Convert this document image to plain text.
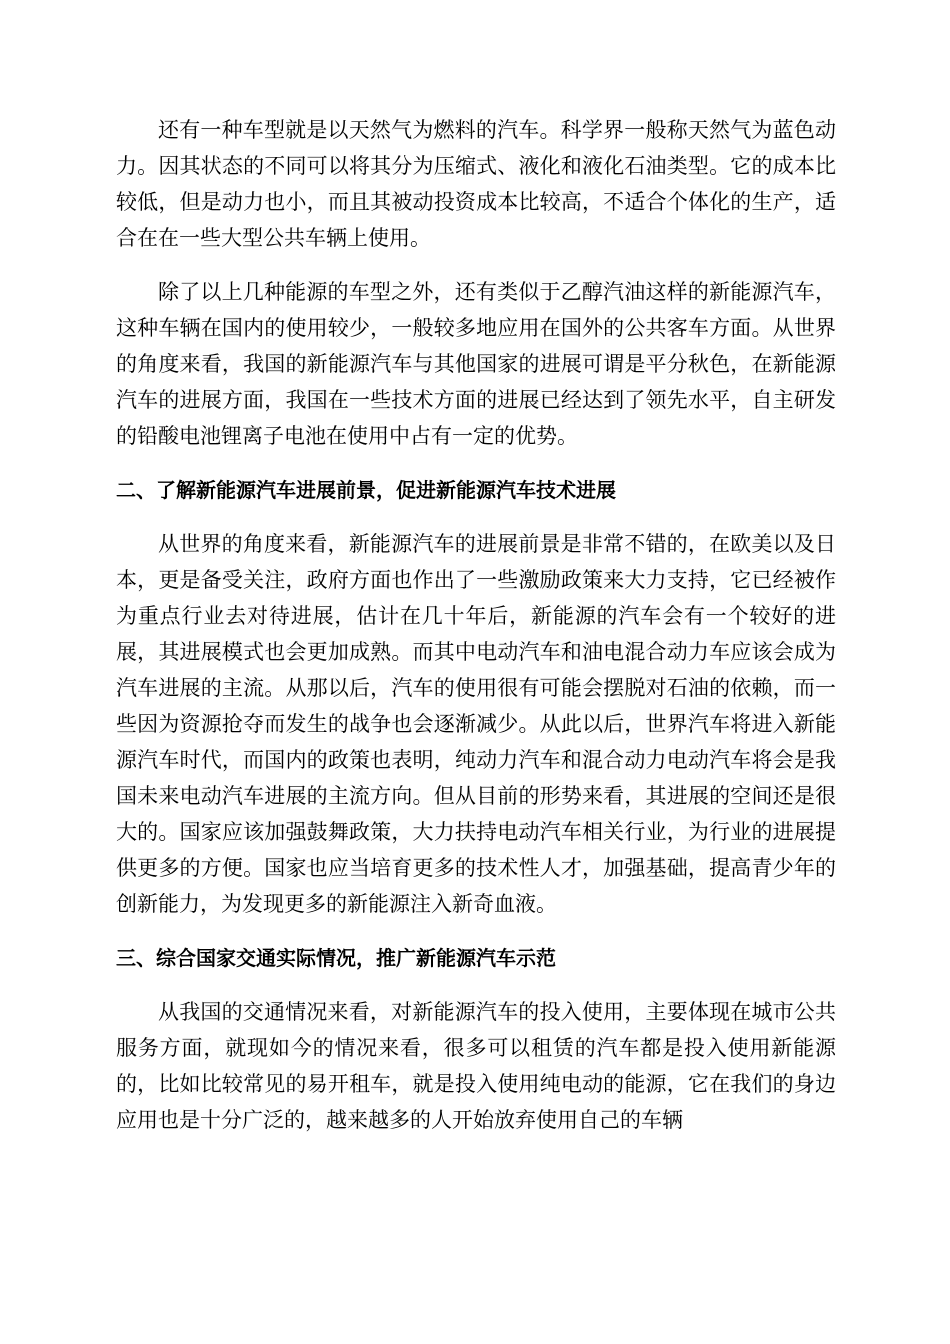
还有一种车型就是以天然气为燃料的汽车。科学界一般称天然气为蓝色动力。因其状态的不同可以将其分为压缩式、液化和液化石油类型。它的成本比较低，但是动力也小，而且其被动投资成本比较高，不适合个体化的生产，适合在在一些大型公共车辆上使用。

除了以上几种能源的车型之外，还有类似于乙醇汽油这样的新能源汽车，这种车辆在国内的使用较少，一般较多地应用在国外的公共客车方面。从世界的角度来看，我国的新能源汽车与其他国家的进展可谓是平分秋色，在新能源汽车的进展方面，我国在一些技术方面的进展已经达到了领先水平，自主研发的铅酸电池锂离子电池在使用中占有一定的优势。

二、了解新能源汽车进展前景，促进新能源汽车技术进展

从世界的角度来看，新能源汽车的进展前景是非常不错的，在欧美以及日本，更是备受关注，政府方面也作出了一些激励政策来大力支持，它已经被作为重点行业去对待进展，估计在几十年后，新能源的汽车会有一个较好的进展，其进展模式也会更加成熟。而其中电动汽车和油电混合动力车应该会成为汽车进展的主流。从那以后，汽车的使用很有可能会摆脱对石油的依赖，而一些因为资源抢夺而发生的战争也会逐渐减少。从此以后，世界汽车将进入新能源汽车时代，而国内的政策也表明，纯动力汽车和混合动力电动汽车将会是我国未来电动汽车进展的主流方向。但从目前的形势来看，其进展的空间还是很大的。国家应该加强鼓舞政策，大力扶持电动汽车相关行业，为行业的进展提供更多的方便。国家也应当培育更多的技术性人才，加强基础，提高青少年的创新能力，为发现更多的新能源注入新奇血液。

三、综合国家交通实际情况，推广新能源汽车示范

从我国的交通情况来看，对新能源汽车的投入使用，主要体现在城市公共服务方面，就现如今的情况来看，很多可以租赁的汽车都是投入使用新能源的，比如比较常见的易开租车，就是投入使用纯电动的能源，它在我们的身边应用也是十分广泛的，越来越多的人开始放弃使用自己的车辆
